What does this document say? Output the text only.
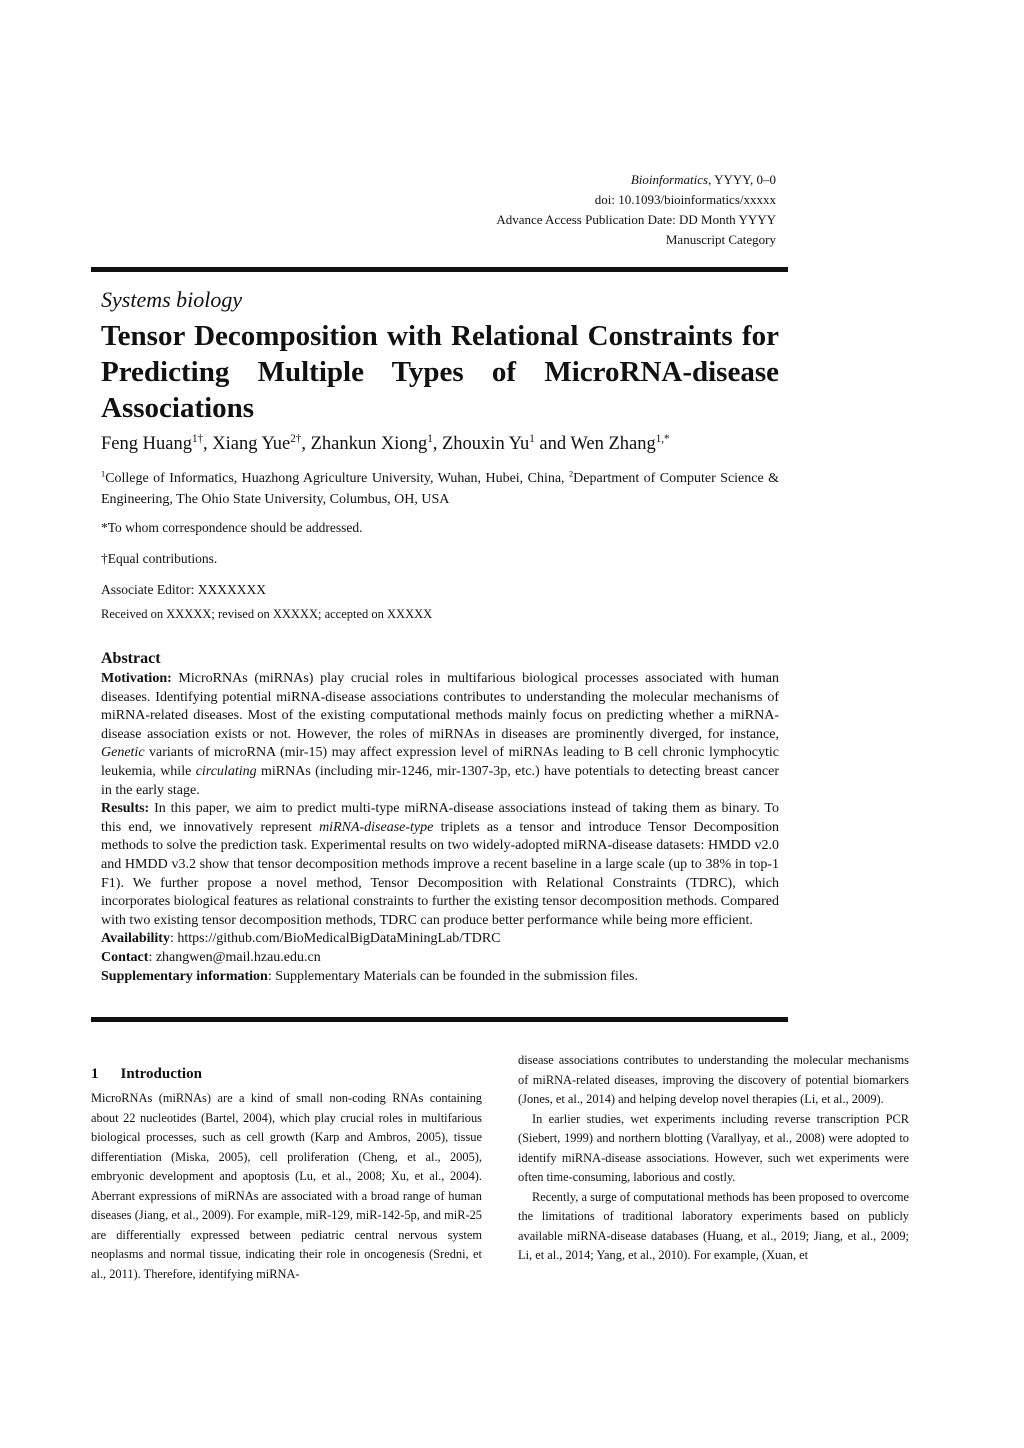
Bioinformatics, YYYY, 0–0
doi: 10.1093/bioinformatics/xxxxx
Advance Access Publication Date: DD Month YYYY
Manuscript Category
Systems biology
Tensor Decomposition with Relational Constraints for Predicting Multiple Types of MicroRNA-disease Associations
Feng Huang$^{1\dagger}$, Xiang Yue$^{2\dagger}$, Zhankun Xiong$^1$, Zhouxin Yu$^1$ and Wen Zhang$^{1,*}$
$^1$College of Informatics, Huazhong Agriculture University, Wuhan, Hubei, China, $^2$Department of Computer Science & Engineering, The Ohio State University, Columbus, OH, USA
*To whom correspondence should be addressed.
†Equal contributions.
Associate Editor: XXXXXXX
Received on XXXXX; revised on XXXXX; accepted on XXXXX
Abstract

Motivation: MicroRNAs (miRNAs) play crucial roles in multifarious biological processes associated with human diseases. Identifying potential miRNA-disease associations contributes to understanding the molecular mechanisms of miRNA-related diseases. Most of the existing computational methods mainly focus on predicting whether a miRNA-disease association exists or not. However, the roles of miRNAs in diseases are prominently diverged, for instance, Genetic variants of microRNA (mir-15) may affect expression level of miRNAs leading to B cell chronic lymphocytic leukemia, while circulating miRNAs (including mir-1246, mir-1307-3p, etc.) have potentials to detecting breast cancer in the early stage.

Results: In this paper, we aim to predict multi-type miRNA-disease associations instead of taking them as binary. To this end, we innovatively represent miRNA-disease-type triplets as a tensor and introduce Tensor Decomposition methods to solve the prediction task. Experimental results on two widely-adopted miRNA-disease datasets: HMDD v2.0 and HMDD v3.2 show that tensor decomposition methods improve a recent baseline in a large scale (up to 38% in top-1 F1). We further propose a novel method, Tensor Decomposition with Relational Constraints (TDRC), which incorporates biological features as relational constraints to further the existing tensor decomposition methods. Compared with two existing tensor decomposition methods, TDRC can produce better performance while being more efficient.

Availability: https://github.com/BioMedicalBigDataMiningLab/TDRC

Contact: zhangwen@mail.hzau.edu.cn

Supplementary information: Supplementary Materials can be founded in the submission files.

1 Introduction

MicroRNAs (miRNAs) are a kind of small non-coding RNAs containing about 22 nucleotides (Bartel, 2004), which play crucial roles in multifarious biological processes, such as cell growth (Karp and Ambros, 2005), tissue differentiation (Miska, 2005), cell proliferation (Cheng, et al., 2005), embryonic development and apoptosis (Lu, et al., 2008; Xu, et al., 2004). Aberrant expressions of miRNAs are associated with a broad range of human diseases (Jiang, et al., 2009). For example, miR-129, miR-142-5p, and miR-25 are differentially expressed between pediatric central nervous system neoplasms and normal tissue, indicating their role in oncogenesis (Sredni, et al., 2011). Therefore, identifying miRNA-

disease associations contributes to understanding the molecular mechanisms of miRNA-related diseases, improving the discovery of potential biomarkers (Jones, et al., 2014) and helping develop novel therapies (Li, et al., 2009).

In earlier studies, wet experiments including reverse transcription PCR (Siebert, 1999) and northern blotting (Varallyay, et al., 2008) were adopted to identify miRNA-disease associations. However, such wet experiments were often time-consuming, laborious and costly.

Recently, a surge of computational methods has been proposed to overcome the limitations of traditional laboratory experiments based on publicly available miRNA-disease databases (Huang, et al., 2019; Jiang, et al., 2009; Li, et al., 2014; Yang, et al., 2010). For example, (Xuan, et
